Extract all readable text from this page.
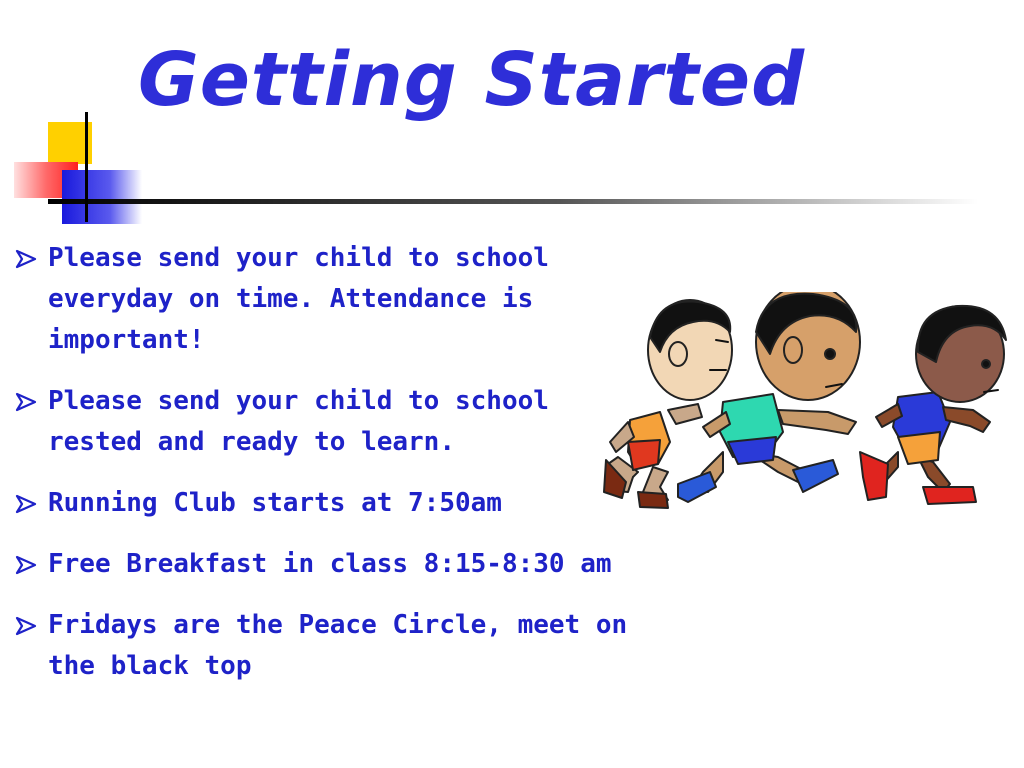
Getting Started
Please send your child to school everyday on time. Attendance is important!
Please send your child to school rested and ready to learn.
Running Club starts at 7:50am
Free Breakfast in class 8:15-8:30 am
Fridays are the Peace Circle, meet on the black top
